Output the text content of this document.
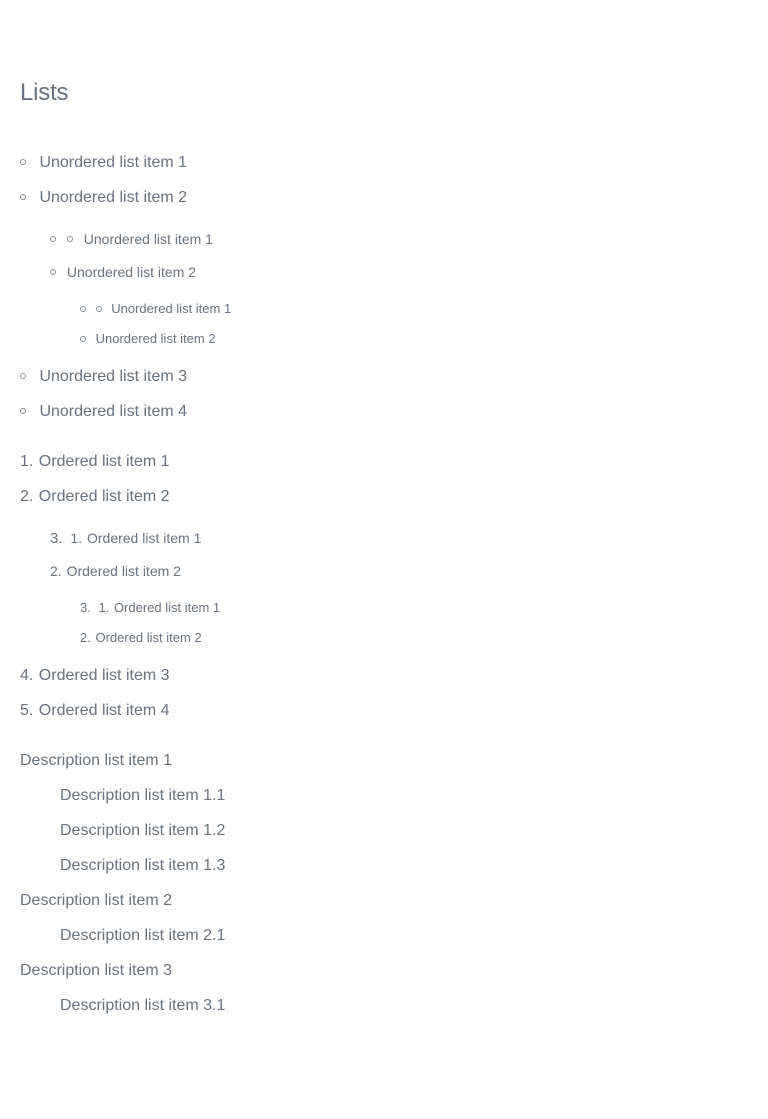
Lists
Unordered list item 1
Unordered list item 2
Unordered list item 1
Unordered list item 2
Unordered list item 1
Unordered list item 2
Unordered list item 3
Unordered list item 4
1. Ordered list item 1
2. Ordered list item 2
3. 1. Ordered list item 1
2. Ordered list item 2
3. 1. Ordered list item 1
2. Ordered list item 2
4. Ordered list item 3
5. Ordered list item 4
Description list item 1
Description list item 1.1
Description list item 1.2
Description list item 1.3
Description list item 2
Description list item 2.1
Description list item 3
Description list item 3.1
